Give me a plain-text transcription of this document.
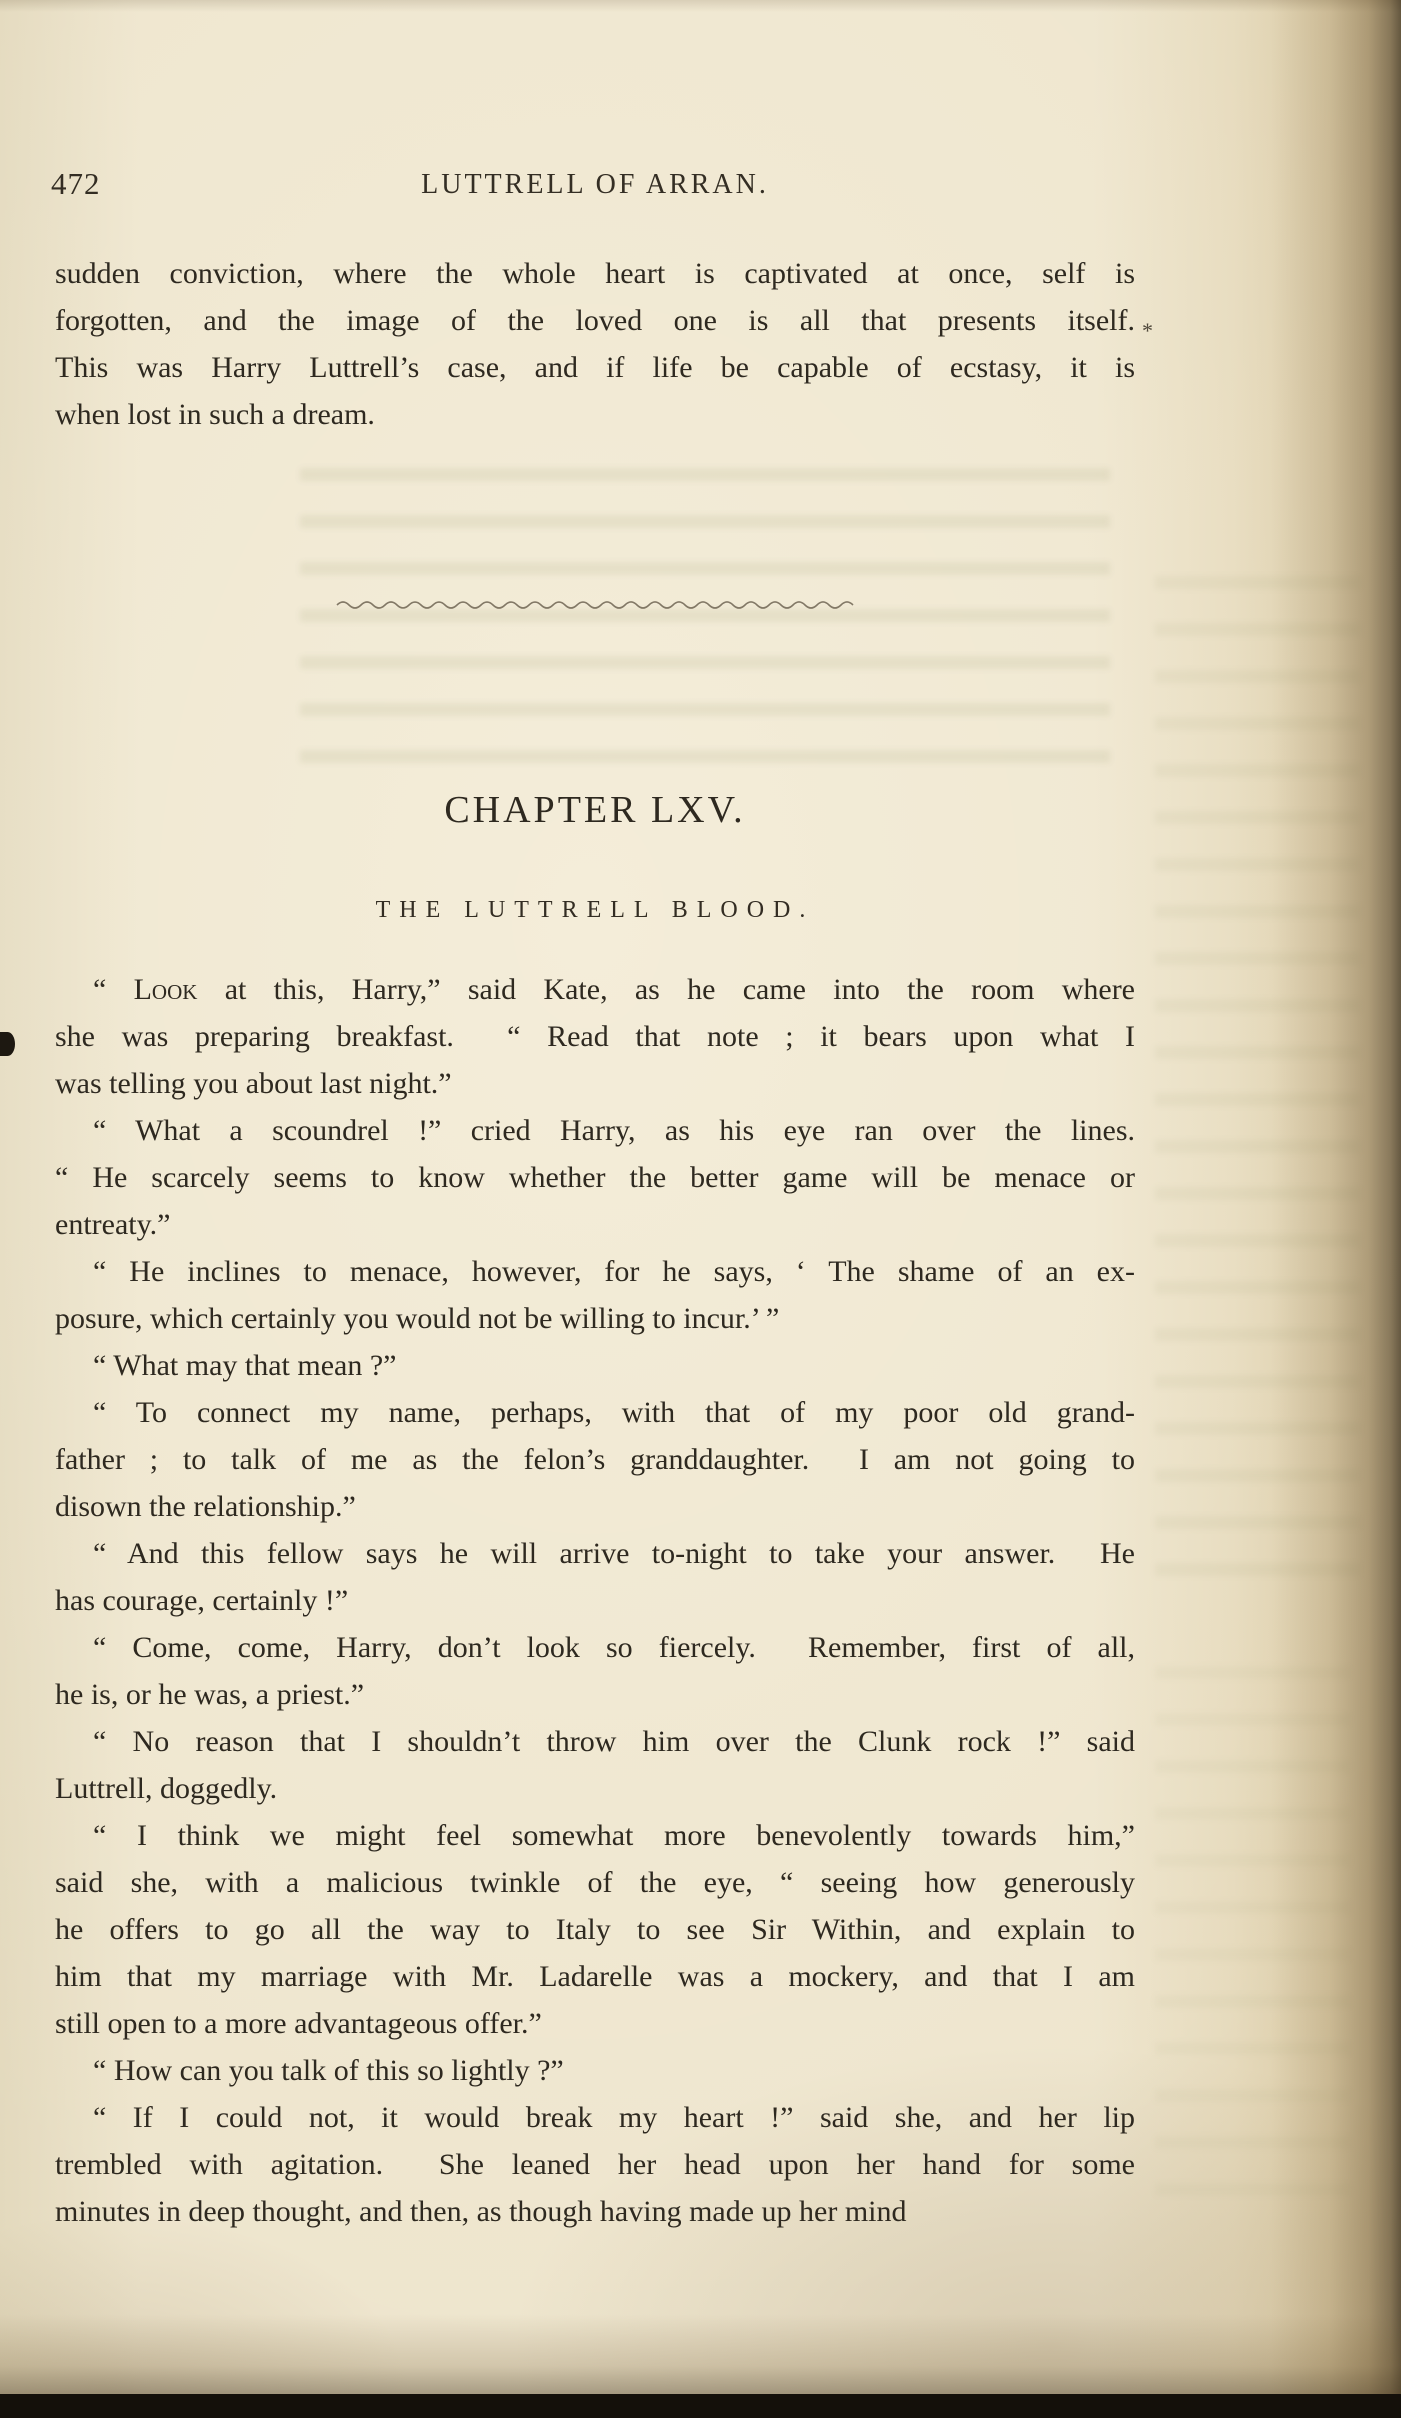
472	LUTTRELL OF ARRAN.

sudden conviction, where the whole heart is captivated at once, self is
forgotten, and the image of the loved one is all that presents itself.
This was Harry Luttrell’s case, and if life be capable of ecstasy, it is
when lost in such a dream.

*
CHAPTER LXV.
THE LUTTRELL BLOOD.

“ Look at this, Harry,” said Kate, as he came into the room where
she was preparing breakfast.  “ Read that note ; it bears upon what I
was telling you about last night.”

“ What a scoundrel !” cried Harry, as his eye ran over the lines.
“ He scarcely seems to know whether the better game will be menace or
entreaty.”

“ He inclines to menace, however, for he says, ‘ The shame of an ex-
posure, which certainly you would not be willing to incur.’ ”

“ What may that mean ?”

“ To connect my name, perhaps, with that of my poor old grand-
father ; to talk of me as the felon’s granddaughter.  I am not going to
disown the relationship.”

“ And this fellow says he will arrive to-night to take your answer.  He
has courage, certainly !”

“ Come, come, Harry, don’t look so fiercely.  Remember, first of all,
he is, or he was, a priest.”

“ No reason that I shouldn’t throw him over the Clunk rock !” said
Luttrell, doggedly.

“ I think we might feel somewhat more benevolently towards him,”
said she, with a malicious twinkle of the eye, “ seeing how generously
he offers to go all the way to Italy to see Sir Within, and explain to
him that my marriage with Mr. Ladarelle was a mockery, and that I am
still open to a more advantageous offer.”

“ How can you talk of this so lightly ?”

“ If I could not, it would break my heart !” said she, and her lip
trembled with agitation.  She leaned her head upon her hand for some
minutes in deep thought, and then, as though having made up her mind
